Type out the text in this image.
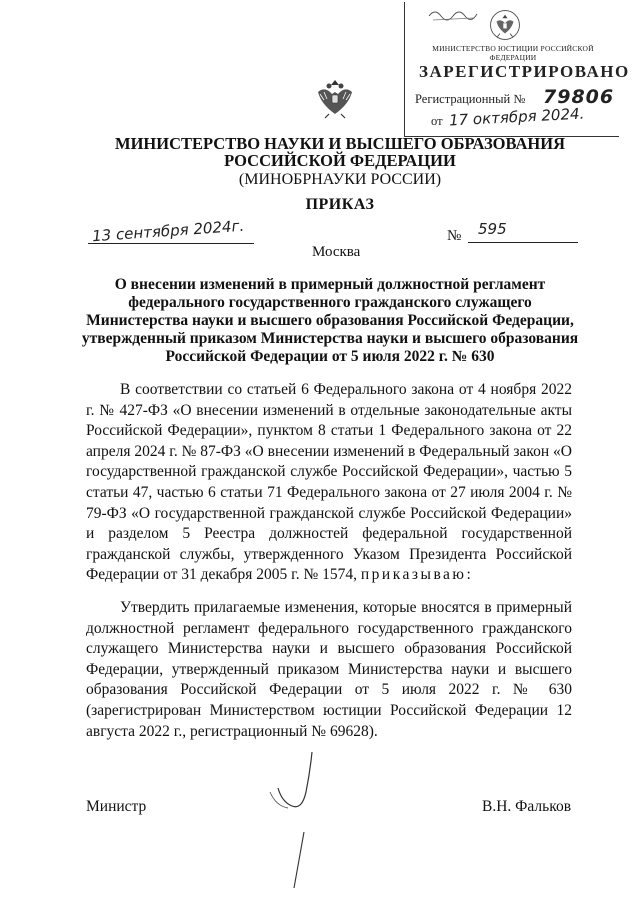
МИНИСТЕРСТВО ЮСТИЦИИ РОССИЙСКОЙ ФЕДЕРАЦИИ
ЗАРЕГИСТРИРОВАНО
Регистрационный № 79806
от 17 октября 2024.
МИНИСТЕРСТВО НАУКИ И ВЫСШЕГО ОБРАЗОВАНИЯ
РОССИЙСКОЙ ФЕДЕРАЦИИ
(МИНОБРНАУКИ РОССИИ)
ПРИКАЗ
13 сентября 2024г.
Москва
№ 595
О внесении изменений в примерный должностной регламент федерального государственного гражданского служащего Министерства науки и высшего образования Российской Федерации, утвержденный приказом Министерства науки и высшего образования Российской Федерации от 5 июля 2022 г. № 630
В соответствии со статьей 6 Федерального закона от 4 ноября 2022 г. № 427-ФЗ «О внесении изменений в отдельные законодательные акты Российской Федерации», пунктом 8 статьи 1 Федерального закона от 22 апреля 2024 г. № 87-ФЗ «О внесении изменений в Федеральный закон «О государственной гражданской службе Российской Федерации», частью 5 статьи 47, частью 6 статьи 71 Федерального закона от 27 июля 2004 г. № 79-ФЗ «О государственной гражданской службе Российской Федерации» и разделом 5 Реестра должностей федеральной государственной гражданской службы, утвержденного Указом Президента Российской Федерации от 31 декабря 2005 г. № 1574, приказываю:
Утвердить прилагаемые изменения, которые вносятся в примерный должностной регламент федерального государственного гражданского служащего Министерства науки и высшего образования Российской Федерации, утвержденный приказом Министерства науки и высшего образования Российской Федерации от 5 июля 2022 г. № 630 (зарегистрирован Министерством юстиции Российской Федерации 12 августа 2022 г., регистрационный № 69628).
Министр	В.Н. Фальков
